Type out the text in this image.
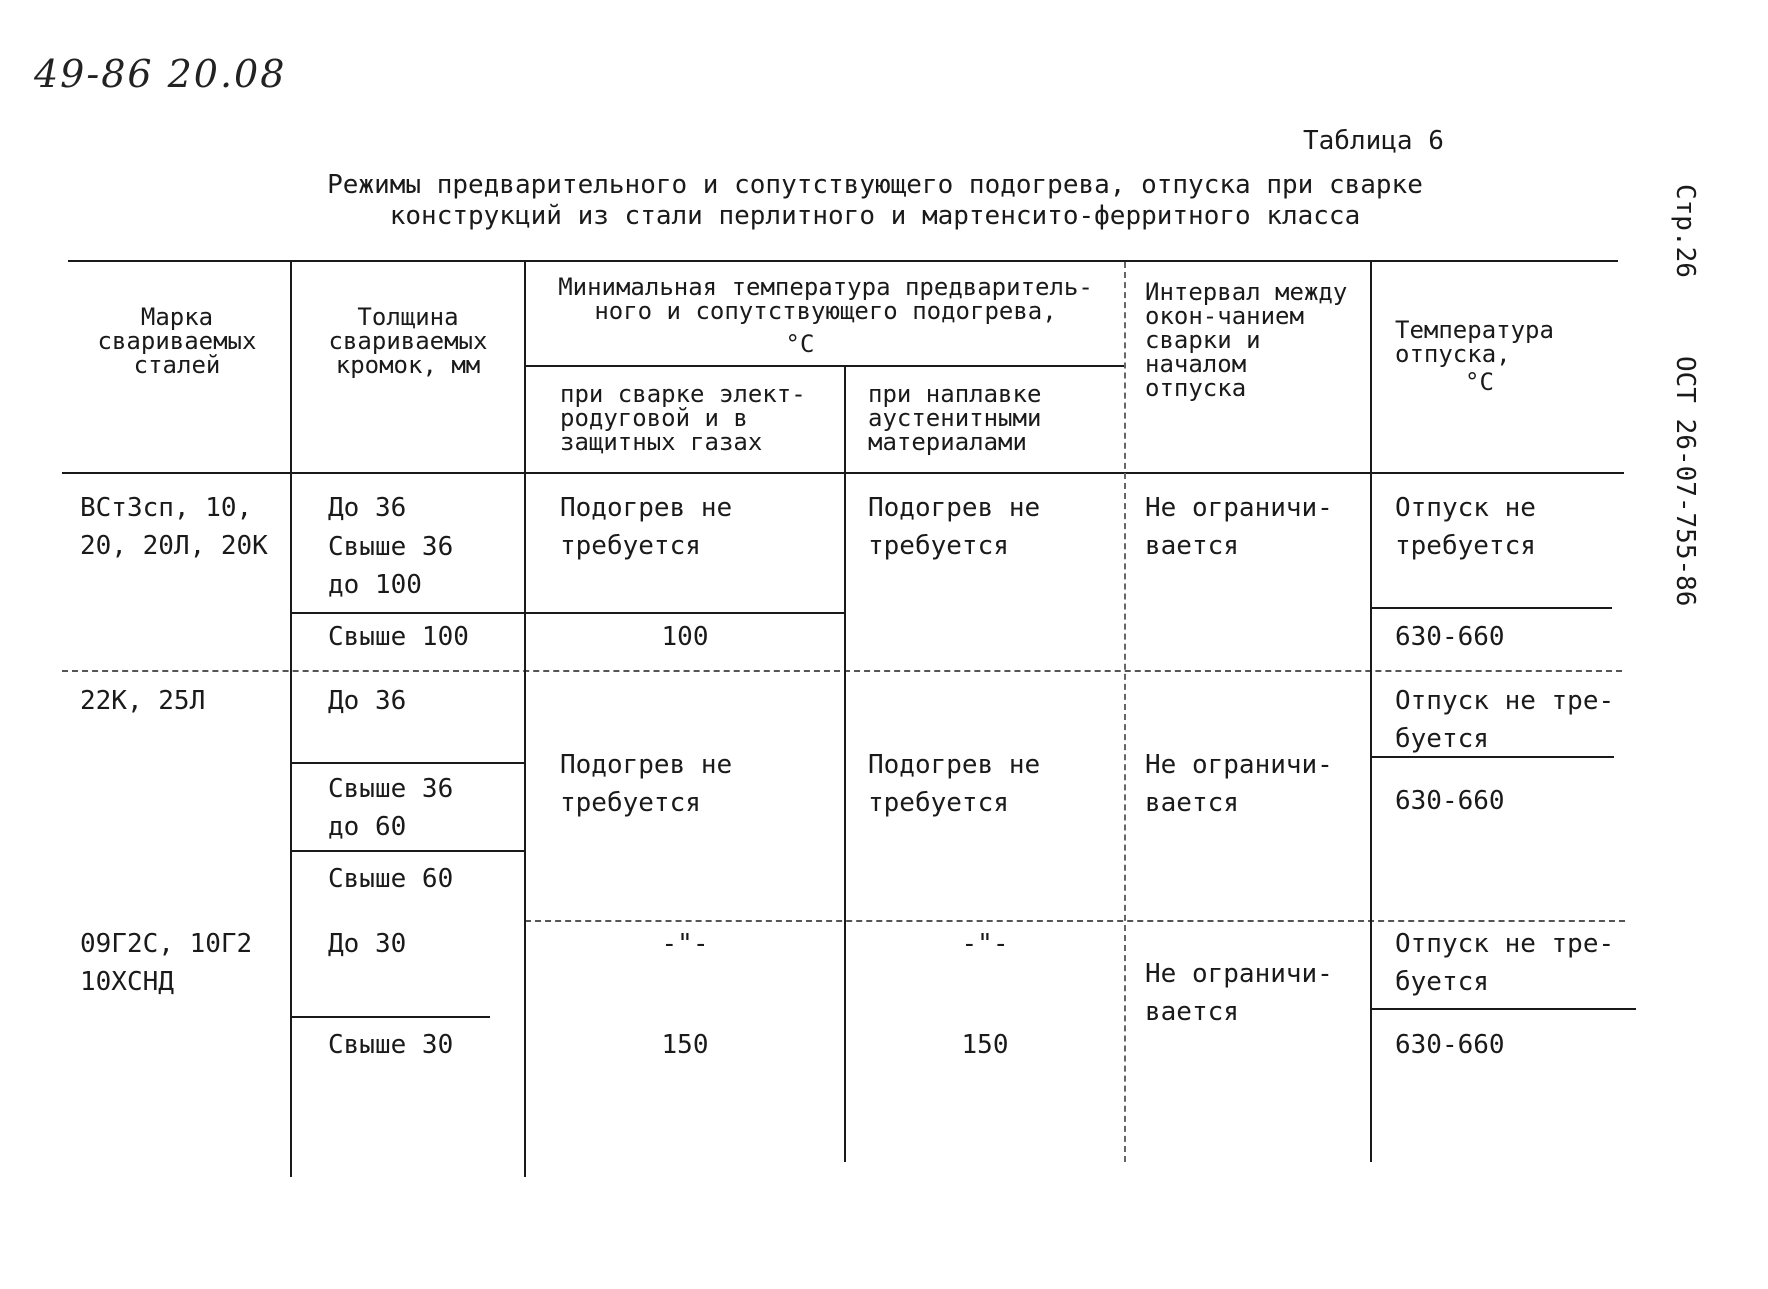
49-86 20.08
Таблица 6
Режимы предварительного и сопутствующего подогрева, отпуска при сварке конструкций из стали перлитного и мартенсито-ферритного класса	Стр.26
ОСТ 26-07-755-86
Марка свариваемых сталей
Толщина свариваемых кромок, мм
Минимальная температура предваритель-ного и сопутствующего подогрева,
°С
при сварке элект-родуговой и в защитных газах
при наплавке аустенитными материалами
Интервал между окон-чанием сварки и началом отпуска
Температура отпуска,
°С
ВСт3сп, 10, 20, 20Л, 20К
До 36
Свыше 36 до 100
Свыше 100
Подогрев не требуется
100
Подогрев не требуется
Не ограничи-вается
Отпуск не требуется
630-660
22К, 25Л	До 36
Свыше 36 до 60
Свыше 60
Подогрев не требуется
Подогрев не требуется
Не ограничи-вается
Отпуск не тре-буется
630-660
09Г2С, 10Г2 10ХСНД
До 30
Свыше 30
-"-
150
-"-
150
Не ограничи-вается
Отпуск не тре-буется
630-660
